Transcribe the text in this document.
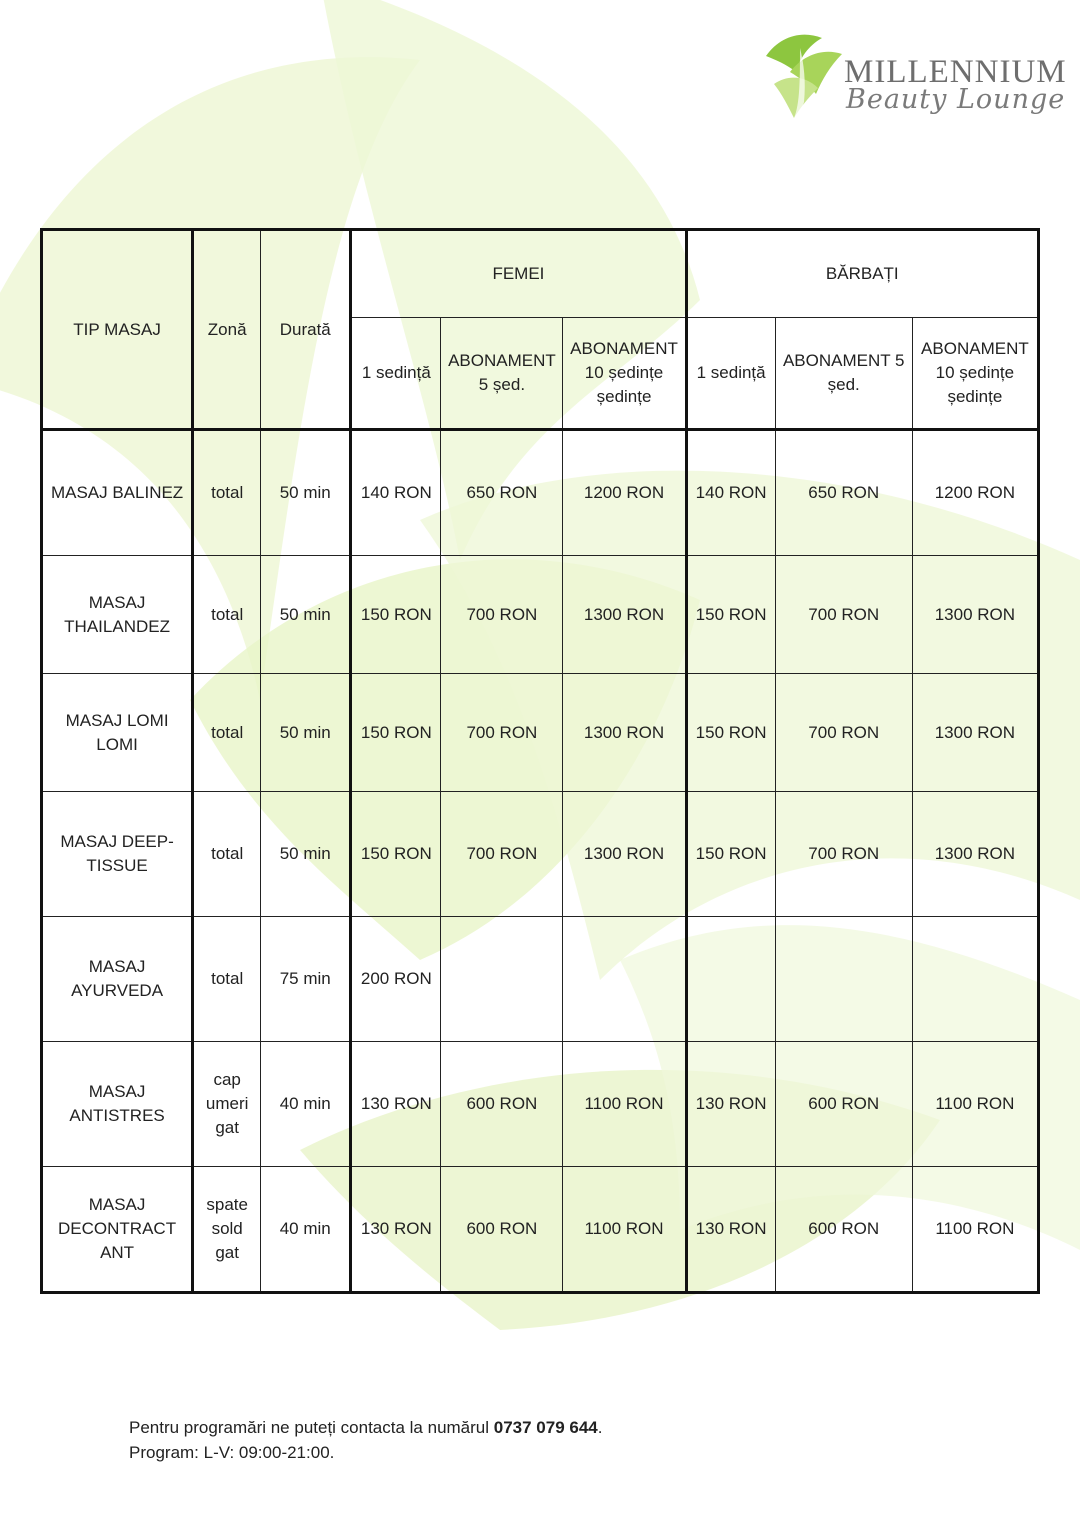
MILLENNIUM
Beauty Lounge
TIP MASAJ	Zonă	Durată	FEMEI			BĂRBAȚI		
			1 sedință	ABONAMENT 5 șed.	ABONAMENT 10 ședințe ședințe	1 sedință	ABONAMENT 5 șed.	ABONAMENT 10 ședințe ședințe
MASAJ BALINEZ	total	50 min	140 RON	650 RON	1200 RON	140 RON	650 RON	1200 RON
MASAJ THAILANDEZ	total	50 min	150 RON	700 RON	1300 RON	150 RON	700 RON	1300 RON
MASAJ LOMI LOMI	total	50 min	150 RON	700 RON	1300 RON	150 RON	700 RON	1300 RON
MASAJ DEEP-TISSUE	total	50 min	150 RON	700 RON	1300 RON	150 RON	700 RON	1300 RON
MASAJ AYURVEDA	total	75 min	200 RON					
MASAJ ANTISTRES	cap umeri gat	40 min	130 RON	600 RON	1100 RON	130 RON	600 RON	1100 RON
MASAJ DECONTRACT ANT	spate sold gat	40 min	130 RON	600 RON	1100 RON	130 RON	600 RON	1100 RON
Pentru programări ne puteți contacta la numărul 0737 079 644.
Program: L-V: 09:00-21:00.
